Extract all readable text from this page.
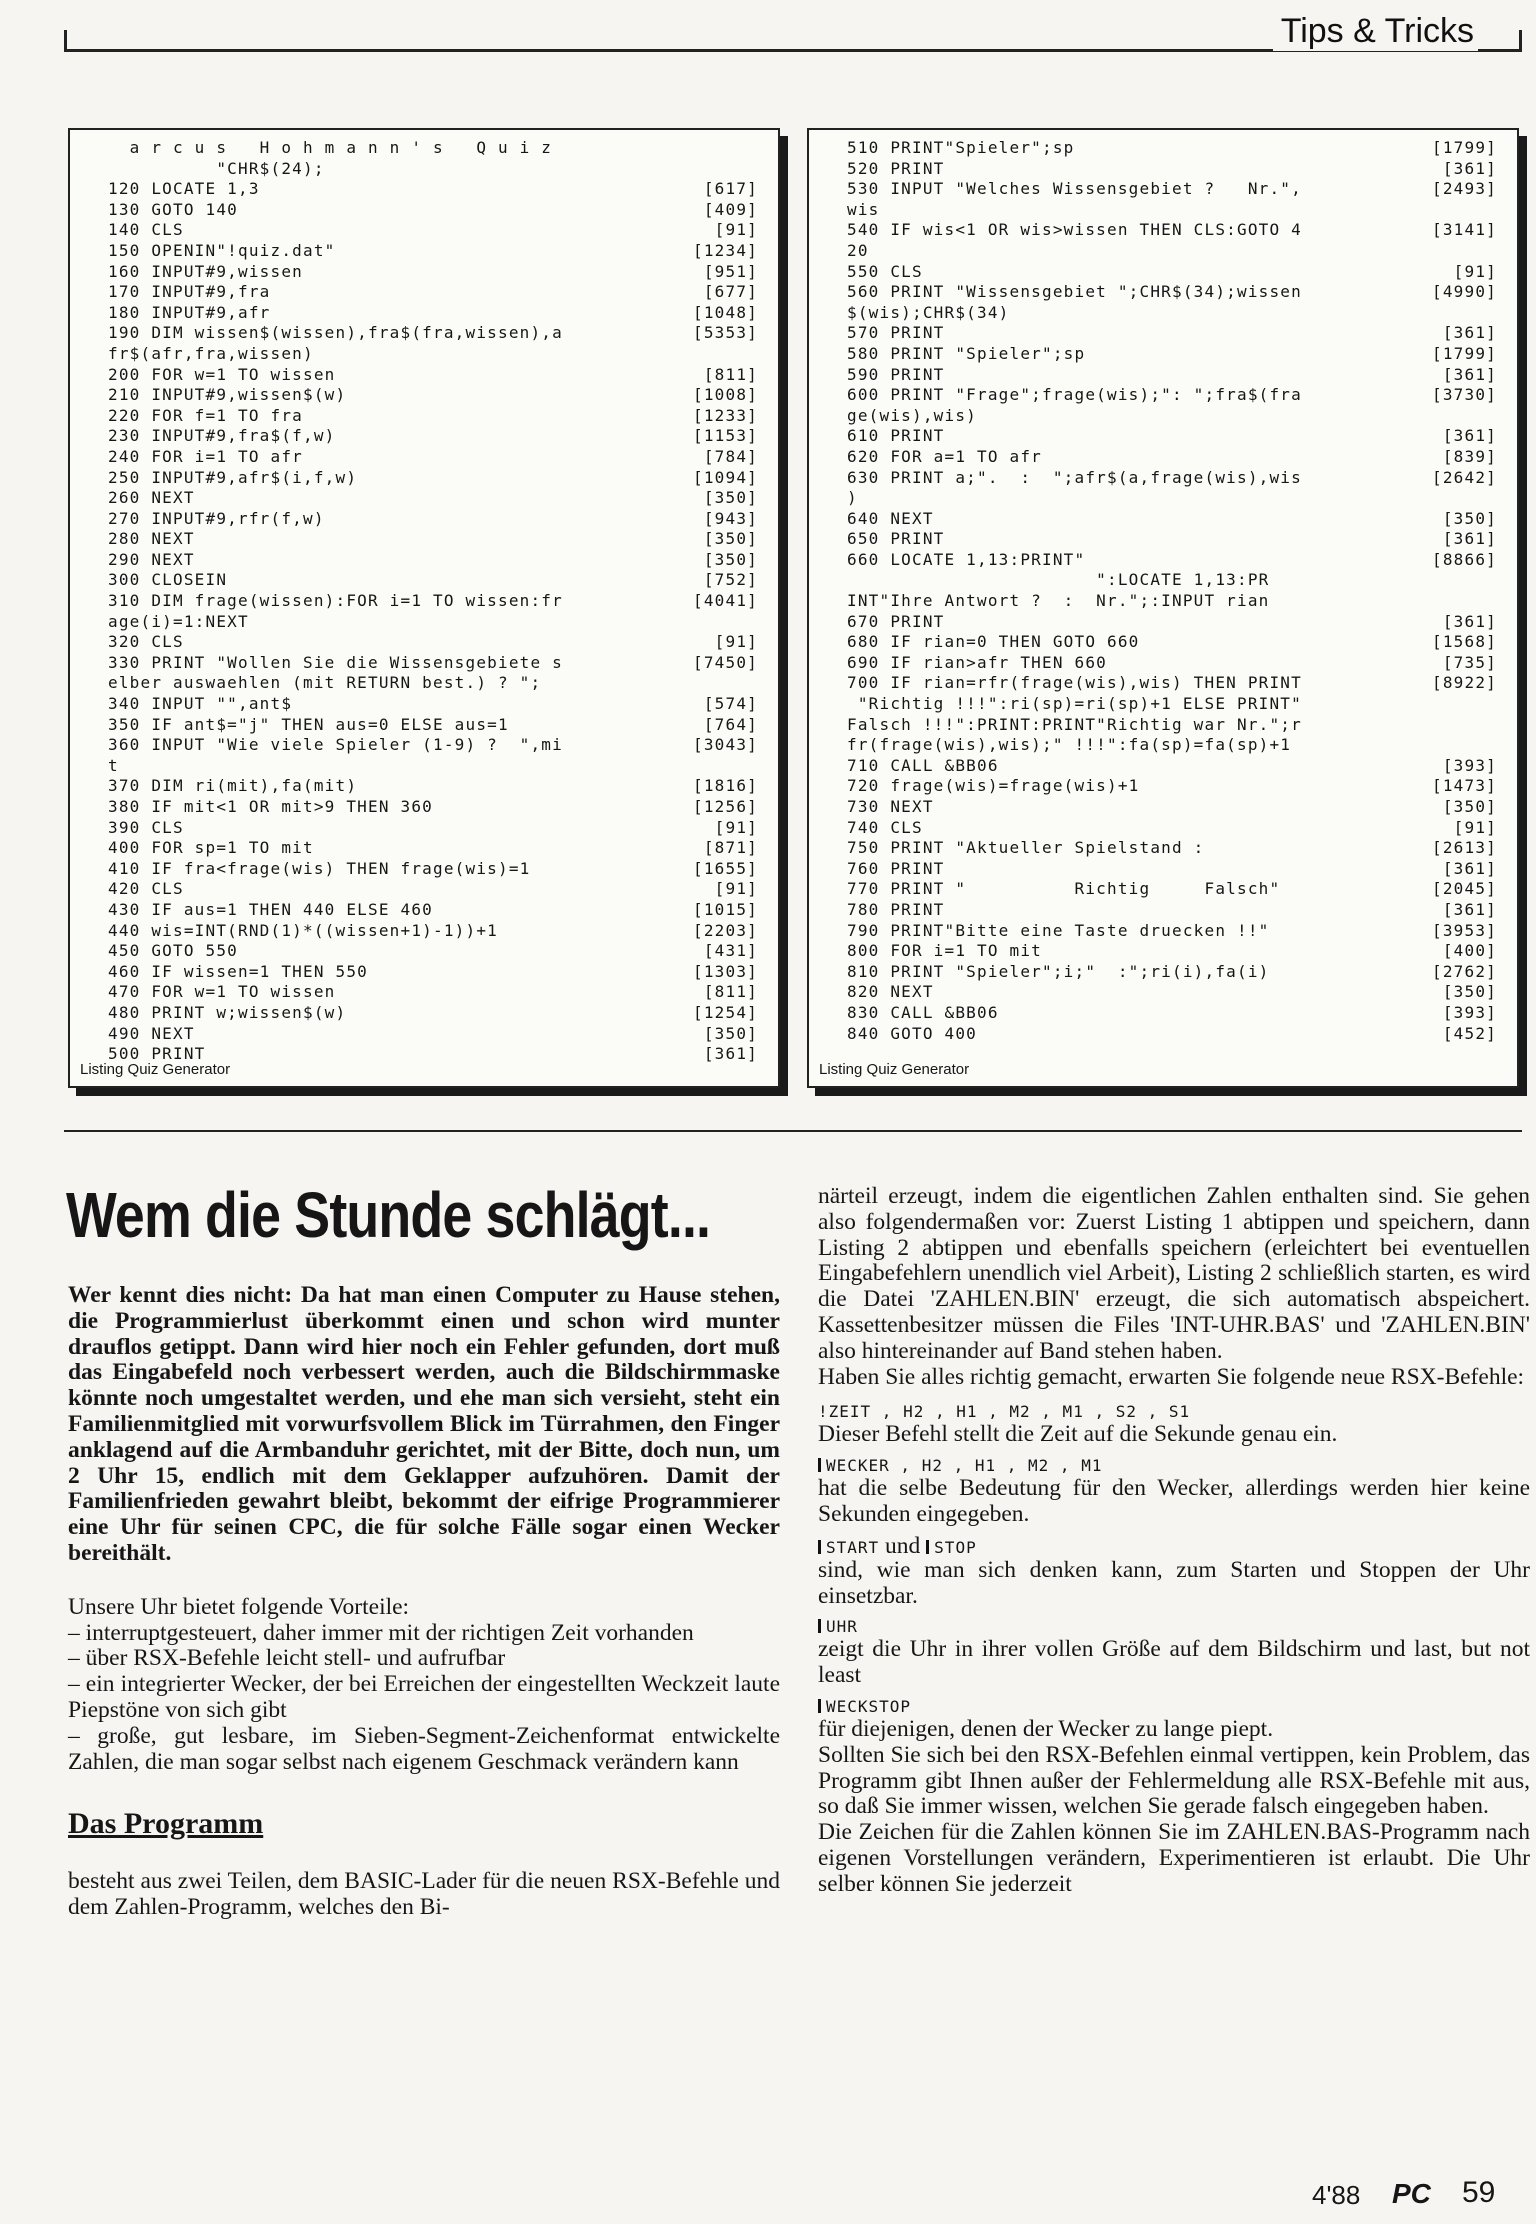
Tips & Tricks
a r c u s   H o h m a n n ' s   Q u i z
"CHR$(24);
120 LOCATE 1,3	[617]
130 GOTO 140	[409]
140 CLS	[91]
150 OPENIN"!quiz.dat"	[1234]
160 INPUT#9,wissen	[951]
170 INPUT#9,fra	[677]
180 INPUT#9,afr	[1048]
190 DIM wissen$(wissen),fra$(fra,wissen),a	[5353]
fr$(afr,fra,wissen)
200 FOR w=1 TO wissen	[811]
210 INPUT#9,wissen$(w)	[1008]
220 FOR f=1 TO fra	[1233]
230 INPUT#9,fra$(f,w)	[1153]
240 FOR i=1 TO afr	[784]
250 INPUT#9,afr$(i,f,w)	[1094]
260 NEXT	[350]
270 INPUT#9,rfr(f,w)	[943]
280 NEXT	[350]
290 NEXT	[350]
300 CLOSEIN	[752]
310 DIM frage(wissen):FOR i=1 TO wissen:fr	[4041]
age(i)=1:NEXT
320 CLS	[91]
330 PRINT "Wollen Sie die Wissensgebiete s	[7450]
elber auswaehlen (mit RETURN best.) ? ";
340 INPUT "",ant$	[574]
350 IF ant$="j" THEN aus=0 ELSE aus=1	[764]
360 INPUT "Wie viele Spieler (1-9) ?  ",mi	[3043]
t
370 DIM ri(mit),fa(mit)	[1816]
380 IF mit<1 OR mit>9 THEN 360	[1256]
390 CLS	[91]
400 FOR sp=1 TO mit	[871]
410 IF fra<frage(wis) THEN frage(wis)=1	[1655]
420 CLS	[91]
430 IF aus=1 THEN 440 ELSE 460	[1015]
440 wis=INT(RND(1)*((wissen+1)-1))+1	[2203]
450 GOTO 550	[431]
460 IF wissen=1 THEN 550	[1303]
470 FOR w=1 TO wissen	[811]
480 PRINT w;wissen$(w)	[1254]
490 NEXT	[350]
500 PRINT	[361]
Listing Quiz Generator
510 PRINT"Spieler";sp	[1799]
520 PRINT	[361]
530 INPUT "Welches Wissensgebiet ?   Nr.",	[2493]
wis
540 IF wis<1 OR wis>wissen THEN CLS:GOTO 4	[3141]
20
550 CLS	[91]
560 PRINT "Wissensgebiet ";CHR$(34);wissen	[4990]
$(wis);CHR$(34)
570 PRINT	[361]
580 PRINT "Spieler";sp	[1799]
590 PRINT	[361]
600 PRINT "Frage";frage(wis);": ";fra$(fra	[3730]
ge(wis),wis)
610 PRINT	[361]
620 FOR a=1 TO afr	[839]
630 PRINT a;".  :  ";afr$(a,frage(wis),wis	[2642]
)
640 NEXT	[350]
650 PRINT	[361]
660 LOCATE 1,13:PRINT"	[8866]
":LOCATE 1,13:PR
INT"Ihre Antwort ?  :  Nr.";:INPUT rian
670 PRINT	[361]
680 IF rian=0 THEN GOTO 660	[1568]
690 IF rian>afr THEN 660	[735]
700 IF rian=rfr(frage(wis),wis) THEN PRINT	[8922]
"Richtig !!!":ri(sp)=ri(sp)+1 ELSE PRINT"
Falsch !!!":PRINT:PRINT"Richtig war Nr.";r
fr(frage(wis),wis);" !!!":fa(sp)=fa(sp)+1
710 CALL &BB06	[393]
720 frage(wis)=frage(wis)+1	[1473]
730 NEXT	[350]
740 CLS	[91]
750 PRINT "Aktueller Spielstand :	[2613]
760 PRINT	[361]
770 PRINT "          Richtig     Falsch"	[2045]
780 PRINT	[361]
790 PRINT"Bitte eine Taste druecken !!"	[3953]
800 FOR i=1 TO mit	[400]
810 PRINT "Spieler";i;"  :";ri(i),fa(i)	[2762]
820 NEXT	[350]
830 CALL &BB06	[393]
840 GOTO 400	[452]
Listing Quiz Generator
Wem die Stunde schlägt...

Wer kennt dies nicht: Da hat man einen Computer zu Hause stehen, die Programmierlust überkommt einen und schon wird munter drauflos getippt. Dann wird hier noch ein Fehler gefunden, dort muß das Eingabefeld noch verbessert werden, auch die Bildschirmmaske könnte noch umgestaltet werden, und ehe man sich versieht, steht ein Familienmitglied mit vorwurfsvollem Blick im Türrahmen, den Finger anklagend auf die Armbanduhr gerichtet, mit der Bitte, doch nun, um 2 Uhr 15, endlich mit dem Geklapper aufzuhören. Damit der Familienfrieden gewahrt bleibt, bekommt der eifrige Programmierer eine Uhr für seinen CPC, die für solche Fälle sogar einen Wecker bereithält.

Unsere Uhr bietet folgende Vorteile:

– interruptgesteuert, daher immer mit der richtigen Zeit vorhanden

– über RSX-Befehle leicht stell- und aufrufbar

– ein integrierter Wecker, der bei Erreichen der eingestellten Weckzeit laute Piepstöne von sich gibt

– große, gut lesbare, im Sieben-Segment-Zeichenformat entwickelte Zahlen, die man sogar selbst nach eigenem Geschmack verändern kann

Das Programm

besteht aus zwei Teilen, dem BASIC-Lader für die neuen RSX-Befehle und dem Zahlen-Programm, welches den Bi-

närteil erzeugt, indem die eigentlichen Zahlen enthalten sind. Sie gehen also folgendermaßen vor: Zuerst Listing 1 abtippen und speichern, dann Listing 2 abtippen und ebenfalls speichern (erleichtert bei eventuellen Eingabefehlern unendlich viel Arbeit), Listing 2 schließlich starten, es wird die Datei 'ZAHLEN.BIN' erzeugt, die sich automatisch abspeichert. Kassettenbesitzer müssen die Files 'INT-UHR.BAS' und 'ZAHLEN.BIN' also hintereinander auf Band stehen haben.

Haben Sie alles richtig gemacht, erwarten Sie folgende neue RSX-Befehle:

!ZEIT , H2 , H1 , M2 , M1 , S2 , S1

Dieser Befehl stellt die Zeit auf die Sekunde genau ein.

WECKER , H2 , H1 , M2 , M1

hat die selbe Bedeutung für den Wecker, allerdings werden hier keine Sekunden eingegeben.

START und STOP

sind, wie man sich denken kann, zum Starten und Stoppen der Uhr einsetzbar.

UHR

zeigt die Uhr in ihrer vollen Größe auf dem Bildschirm und last, but not least

WECKSTOP

für diejenigen, denen der Wecker zu lange piept.

Sollten Sie sich bei den RSX-Befehlen einmal vertippen, kein Problem, das Programm gibt Ihnen außer der Fehlermeldung alle RSX-Befehle mit aus, so daß Sie immer wissen, welchen Sie gerade falsch eingegeben haben.

Die Zeichen für die Zahlen können Sie im ZAHLEN.BAS-Programm nach eigenen Vorstellungen verändern, Experimentieren ist erlaubt. Die Uhr selber können Sie jederzeit

4'88 PC 59
